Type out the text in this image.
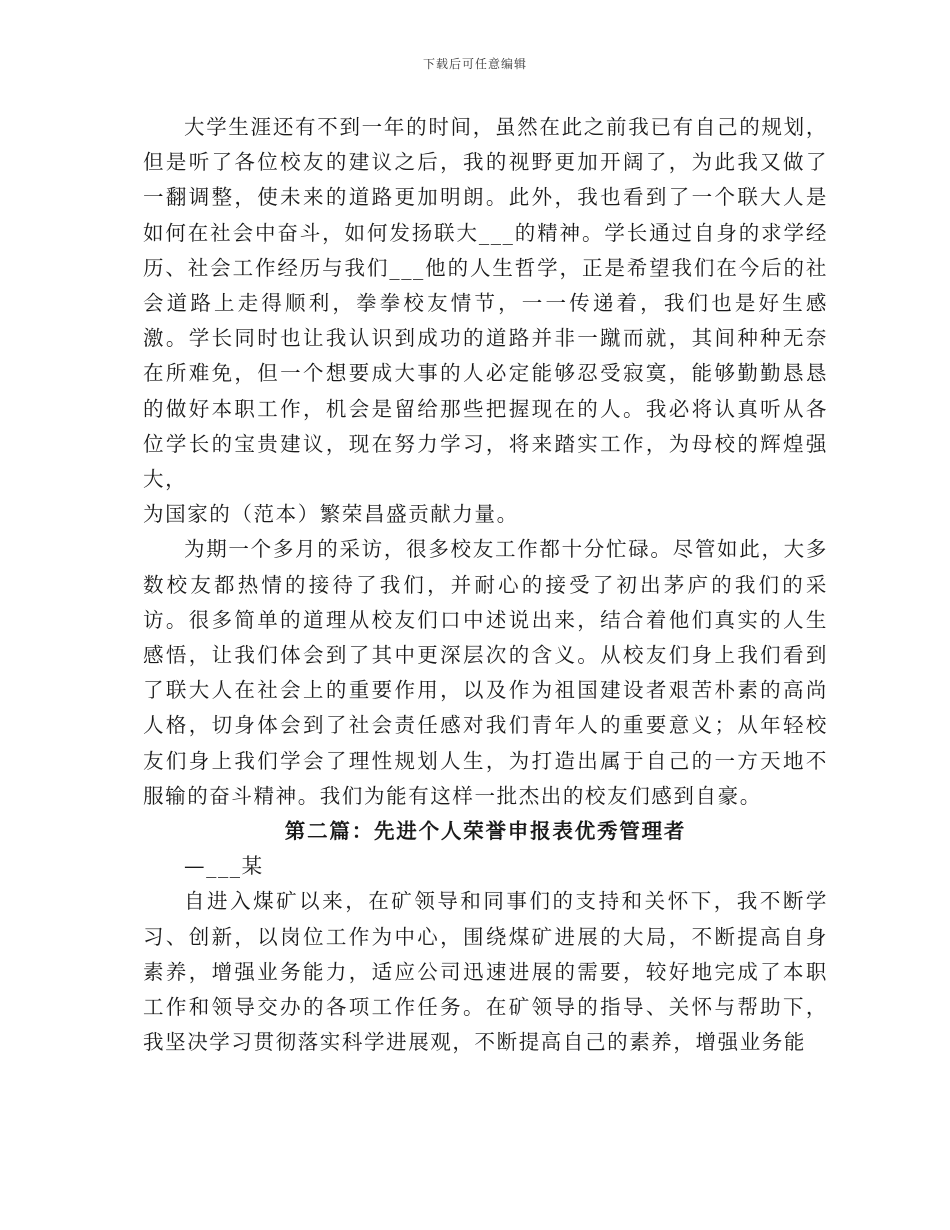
下载后可任意编辑

大学生涯还有不到一年的时间，虽然在此之前我已有自己的规划，但是听了各位校友的建议之后，我的视野更加开阔了，为此我又做了一翻调整，使未来的道路更加明朗。此外，我也看到了一个联大人是如何在社会中奋斗，如何发扬联大___的精神。学长通过自身的求学经历、社会工作经历与我们___他的人生哲学，正是希望我们在今后的社会道路上走得顺利，拳拳校友情节，一一传递着，我们也是好生感激。学长同时也让我认识到成功的道路并非一蹴而就，其间种种无奈在所难免，但一个想要成大事的人必定能够忍受寂寞，能够勤勤恳恳的做好本职工作，机会是留给那些把握现在的人。我必将认真听从各位学长的宝贵建议，现在努力学习，将来踏实工作，为母校的辉煌强大，

为国家的（范本）繁荣昌盛贡献力量。

为期一个多月的采访，很多校友工作都十分忙碌。尽管如此，大多数校友都热情的接待了我们，并耐心的接受了初出茅庐的我们的采访。很多简单的道理从校友们口中述说出来，结合着他们真实的人生感悟，让我们体会到了其中更深层次的含义。从校友们身上我们看到了联大人在社会上的重要作用，以及作为祖国建设者艰苦朴素的高尚人格，切身体会到了社会责任感对我们青年人的重要意义；从年轻校友们身上我们学会了理性规划人生，为打造出属于自己的一方天地不服输的奋斗精神。我们为能有这样一批杰出的校友们感到自豪。

第二篇：先进个人荣誉申报表优秀管理者

—___某

自进入煤矿以来，在矿领导和同事们的支持和关怀下，我不断学习、创新，以岗位工作为中心，围绕煤矿进展的大局，不断提高自身素养，增强业务能力，适应公司迅速进展的需要，较好地完成了本职工作和领导交办的各项工作任务。在矿领导的指导、关怀与帮助下，我坚决学习贯彻落实科学进展观，不断提高自己的素养，增强业务能
